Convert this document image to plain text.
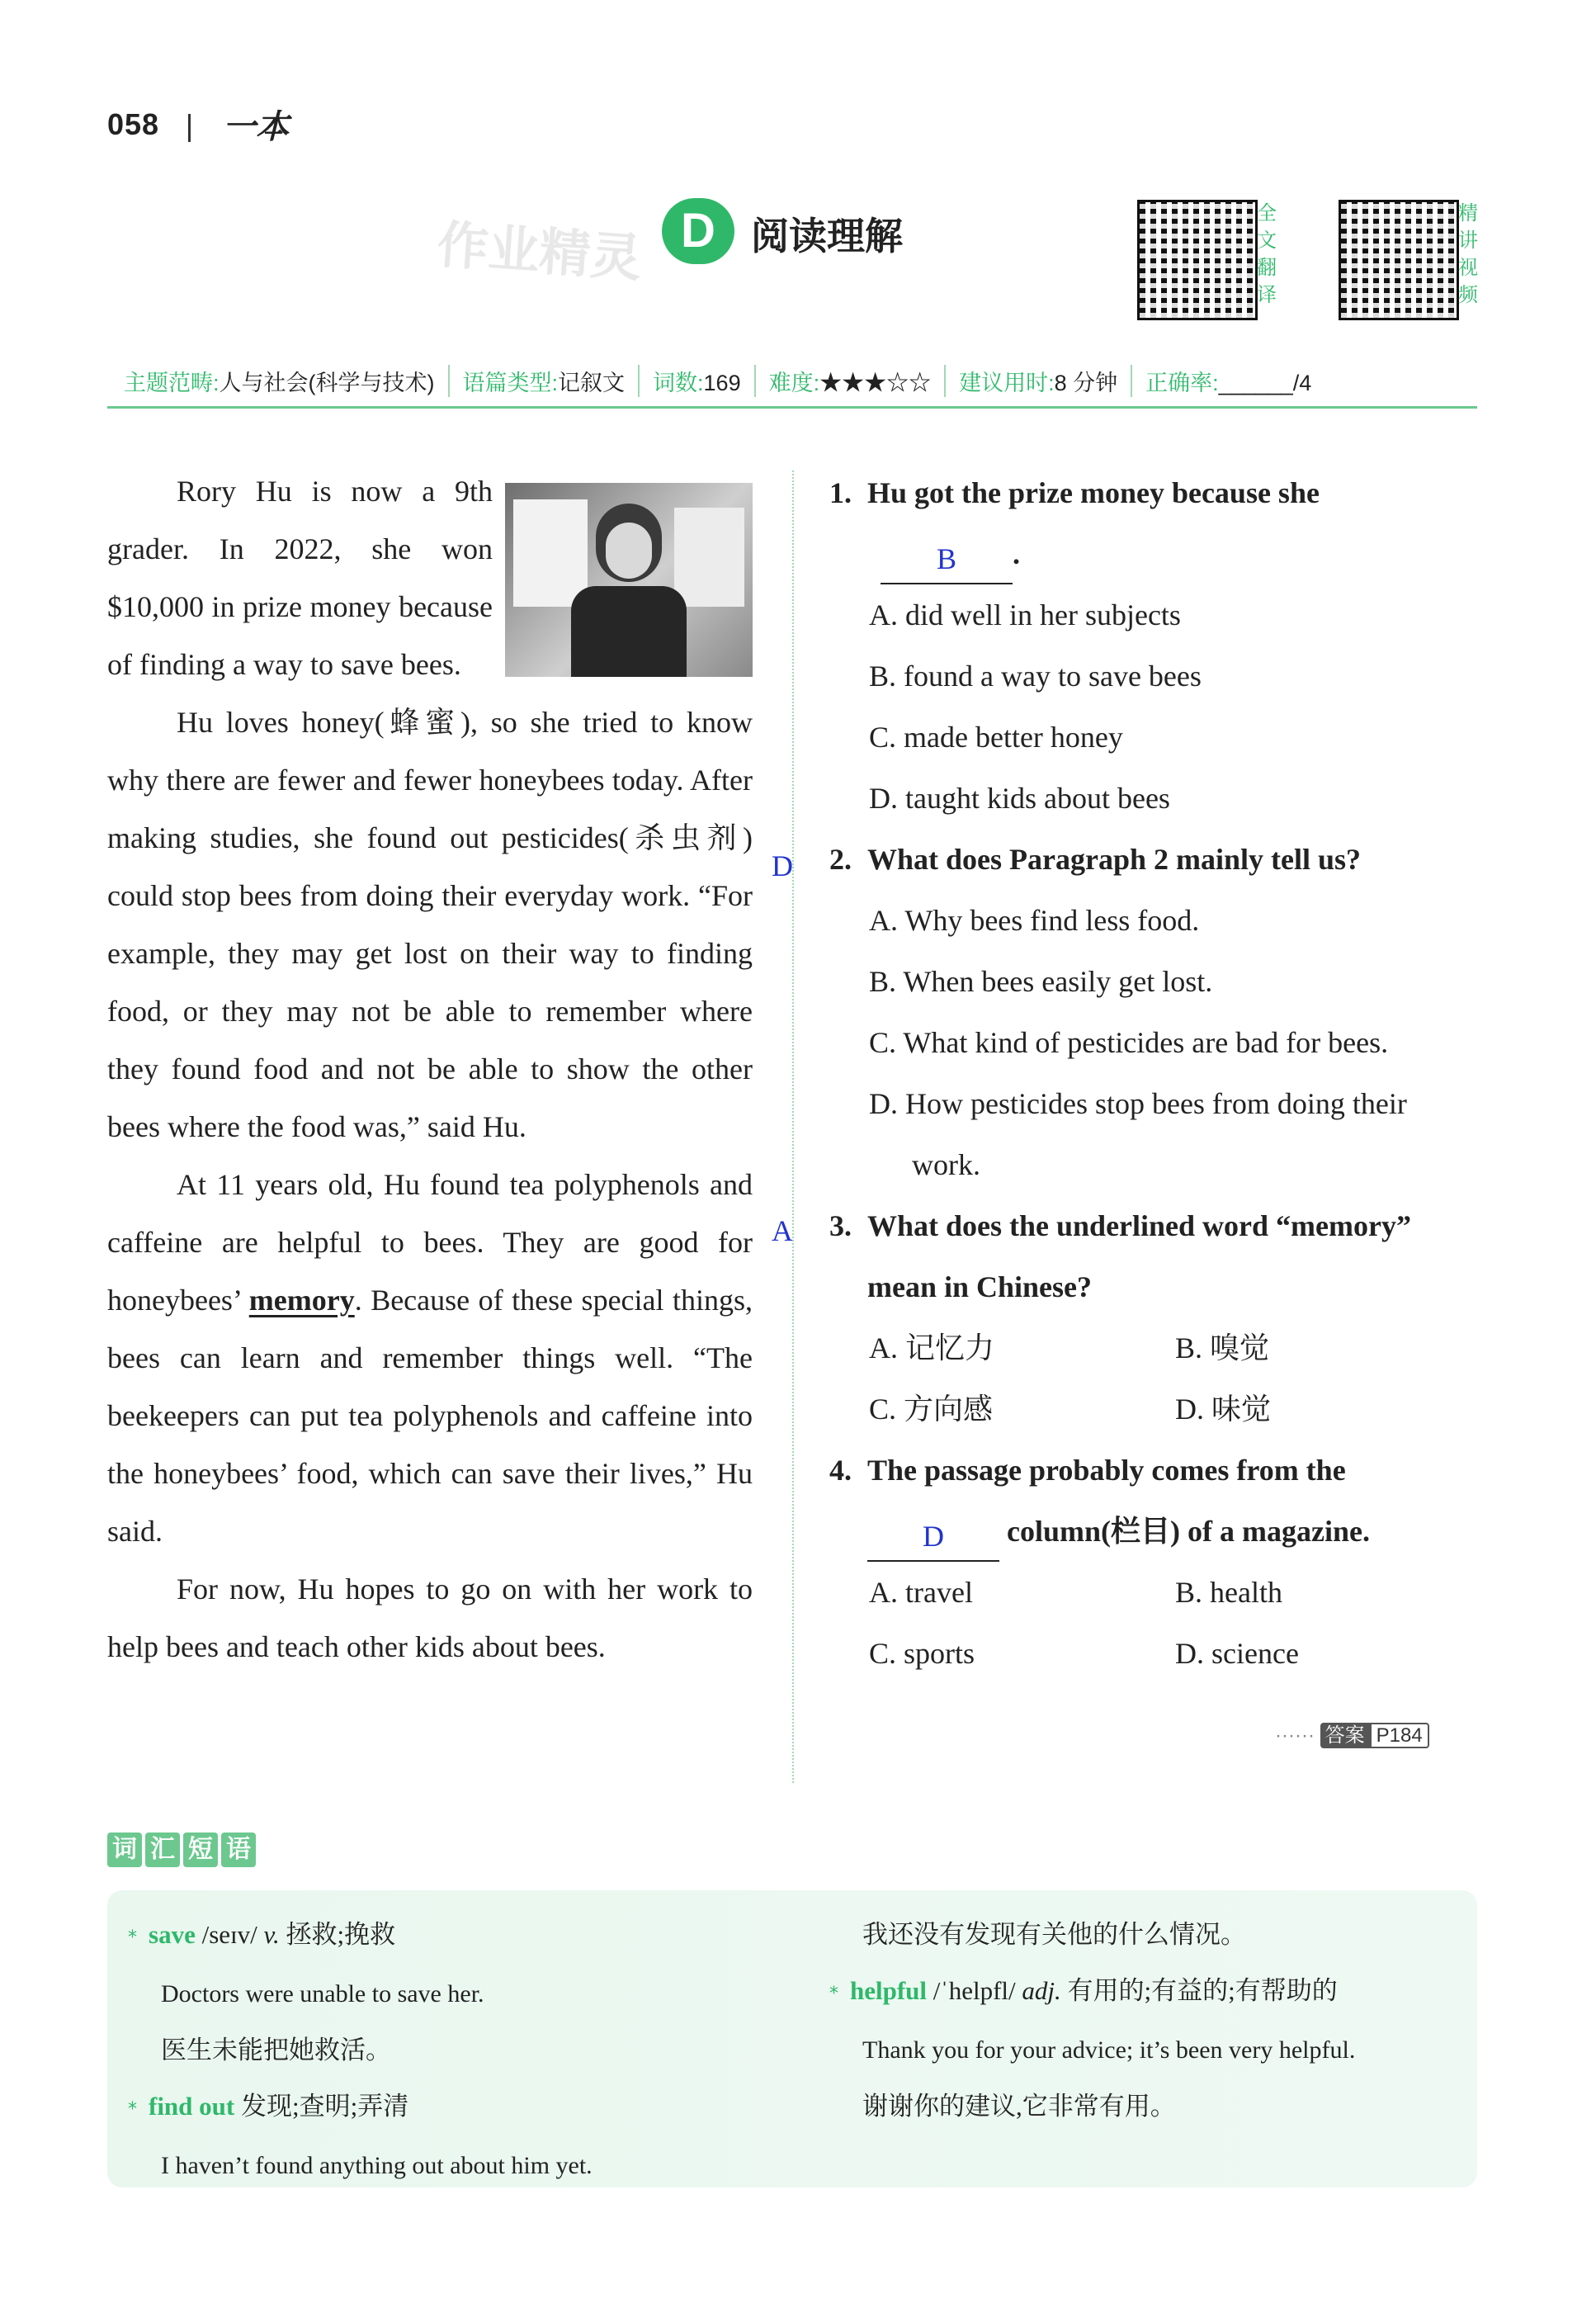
058 一本
作业精灵 D 阅读理解
全
文
翻
译
精
讲
视
频
主题范畴:人与社会(科学与技术)	语篇类型:记叙文	词数:169	难度:★★★☆☆	建议用时:8 分钟	正确率:______/4

Rory Hu is now a 9th grader. In 2022, she won $10,000 in prize money because of finding a way to save bees.

Hu loves honey(蜂蜜), so she tried to know why there are fewer and fewer honeybees today. After making studies, she found out pesticides(杀虫剂) could stop bees from doing their everyday work. “For example, they may get lost on their way to finding food, or they may not be able to remember where they found food and not be able to show the other bees where the food was,” said Hu.

At 11 years old, Hu found tea polyphenols and caffeine are helpful to bees. They are good for honeybees’ memory. Because of these special things, bees can learn and remember things well. “The beekeepers can put tea polyphenols and caffeine into the honeybees’ food, which can save their lives,” Hu said.

For now, Hu hopes to go on with her work to help bees and teach other kids about bees.

D
A
1. Hu got the prize money because she
B	.
A. did well in her subjects
B. found a way to save bees
C. made better honey
D. taught kids about bees
2. What does Paragraph 2 mainly tell us?
A. Why bees find less food.
B. When bees easily get lost.
C. What kind of pesticides are bad for bees.
D. How pesticides stop bees from doing their
work.
3. What does the underlined word “memory”
mean in Chinese?
A. 记忆力	B. 嗅觉
C. 方向感	D. 味觉
4. The passage probably comes from the
D	column(栏目) of a magazine.
A. travel	B. health
C. sports	D. science
······ 答案 P184
词 汇 短 语
* save /seɪv/ v. 拯救;挽救
Doctors were unable to save her.
医生未能把她救活。
* find out 发现;查明;弄清
I haven’t found anything out about him yet.
我还没有发现有关他的什么情况。
* helpful /ˈhelpfl/ adj. 有用的;有益的;有帮助的
Thank you for your advice; it’s been very helpful.
谢谢你的建议,它非常有用。
